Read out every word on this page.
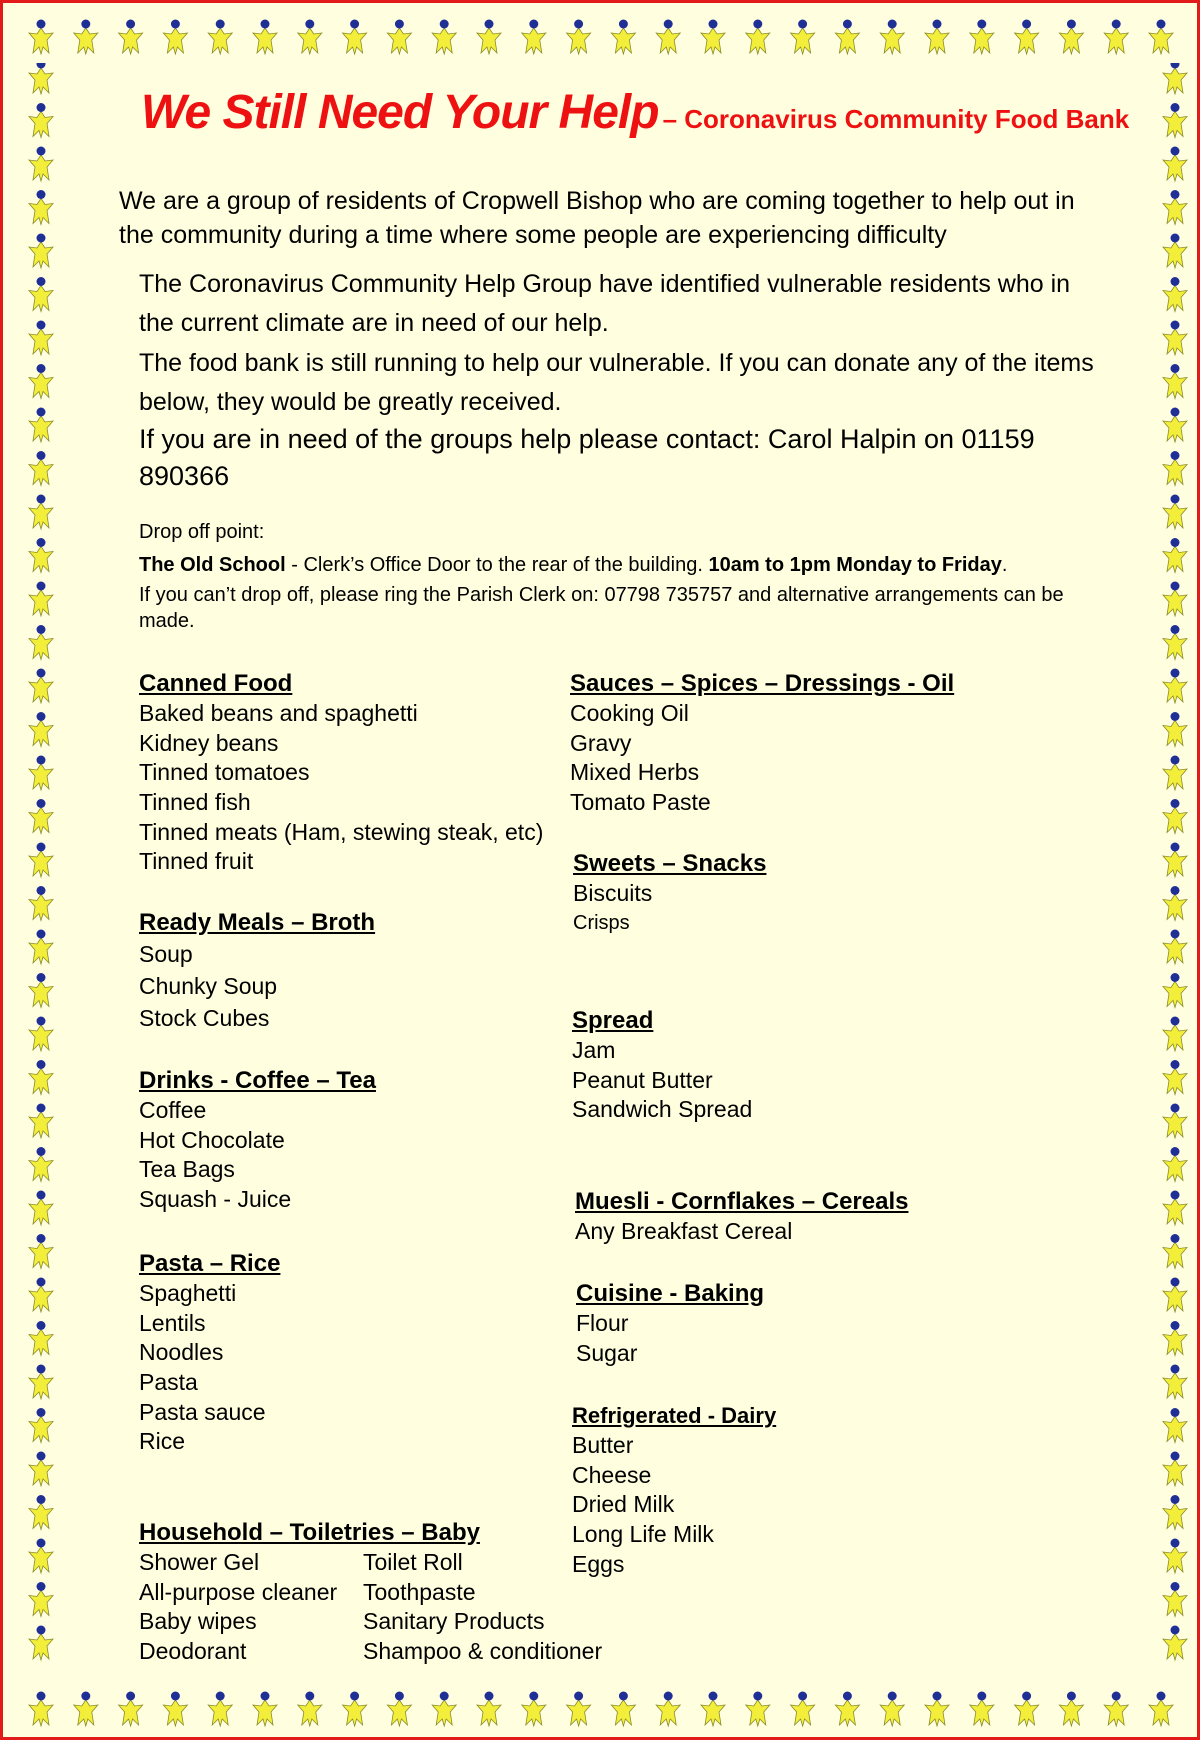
We Still Need Your Help – Coronavirus Community Food Bank
We are a group of residents of Cropwell Bishop who are coming together to help out in the community during a time where some people are experiencing difficulty
The Coronavirus Community Help Group have identified vulnerable residents who in the current climate are in need of our help.
The food bank is still running to help our vulnerable. If you can donate any of the items below, they would be greatly received.
If you are in need of the groups help please contact: Carol Halpin on 01159 890366
Drop off point:
The Old School - Clerk’s Office Door to the rear of the building. 10am to 1pm Monday to Friday.
If you can’t drop off, please ring the Parish Clerk on: 07798 735757 and alternative arrangements can be made.
Canned Food
Baked beans and spaghetti
Kidney beans
Tinned tomatoes
Tinned fish
Tinned meats (Ham, stewing steak, etc)
Tinned fruit
Ready Meals – Broth
Soup
Chunky Soup
Stock Cubes
Drinks - Coffee – Tea
Coffee
Hot Chocolate
Tea Bags
Squash - Juice
Pasta – Rice
Spaghetti
Lentils
Noodles
Pasta
Pasta sauce
Rice
Household – Toiletries – Baby
Shower Gel	Toilet Roll
All-purpose cleaner	Toothpaste
Baby wipes	Sanitary Products
Deodorant	Shampoo & conditioner
Sauces – Spices – Dressings - Oil
Cooking Oil
Gravy
Mixed Herbs
Tomato Paste
Sweets – Snacks
Biscuits
Crisps
Spread
Jam
Peanut Butter
Sandwich Spread
Muesli - Cornflakes – Cereals
Any Breakfast Cereal
Cuisine - Baking
Flour
Sugar
Refrigerated - Dairy
Butter
Cheese
Dried Milk
Long Life Milk
Eggs
